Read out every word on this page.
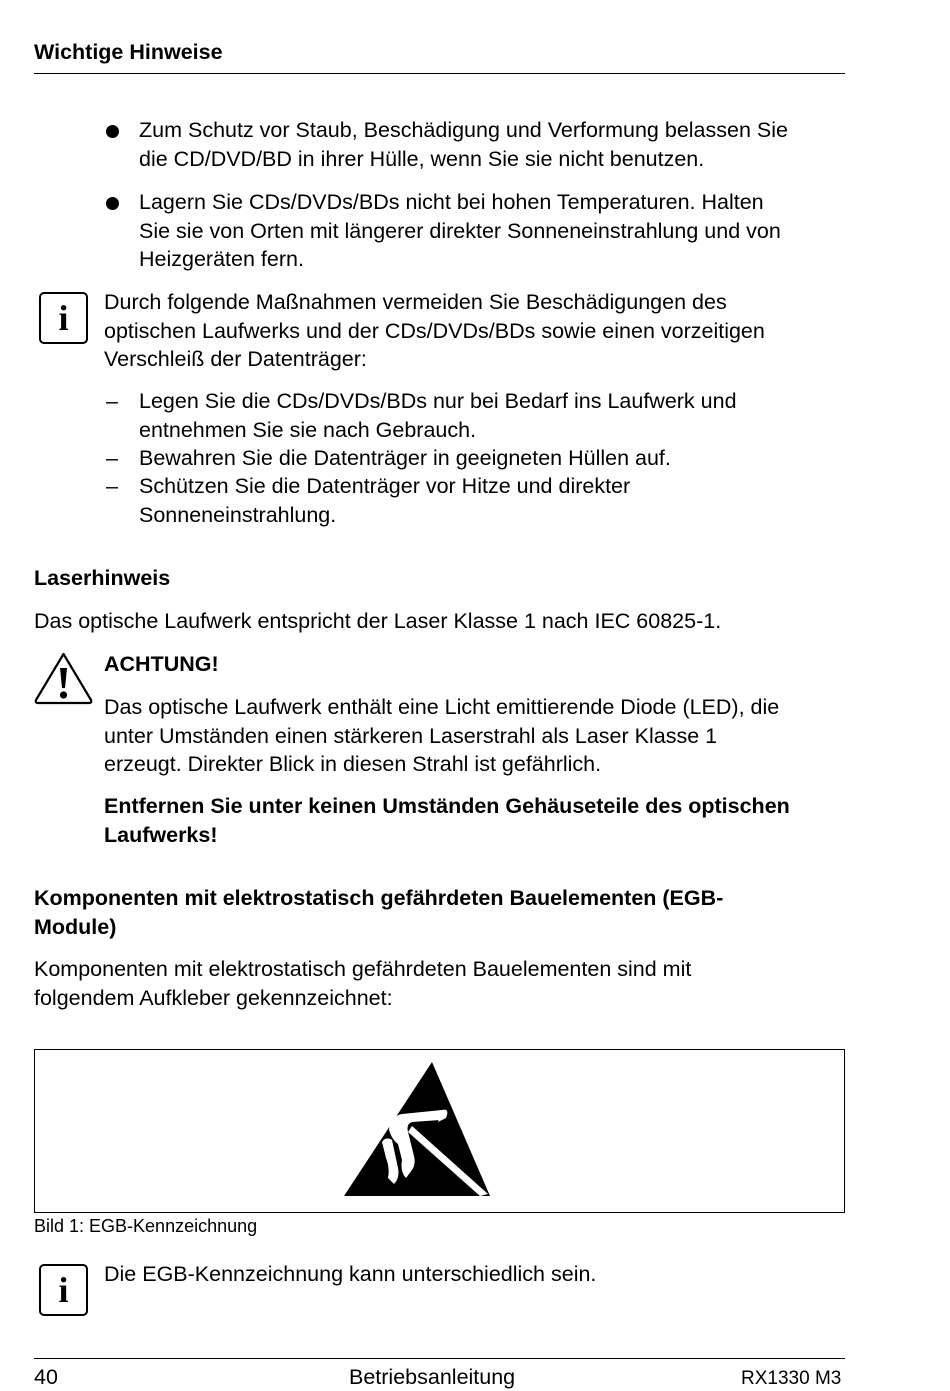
Wichtige Hinweise
Zum Schutz vor Staub, Beschädigung und Verformung belassen Sie
die CD/DVD/BD in ihrer Hülle, wenn Sie sie nicht benutzen.
Lagern Sie CDs/DVDs/BDs nicht bei hohen Temperaturen. Halten
Sie sie von Orten mit längerer direkter Sonneneinstrahlung und von
Heizgeräten fern.
i Durch folgende Maßnahmen vermeiden Sie Beschädigungen des
optischen Laufwerks und der CDs/DVDs/BDs sowie einen vorzeitigen
Verschleiß der Datenträger:
– Legen Sie die CDs/DVDs/BDs nur bei Bedarf ins Laufwerk und
entnehmen Sie sie nach Gebrauch.
– Bewahren Sie die Datenträger in geeigneten Hüllen auf.
– Schützen Sie die Datenträger vor Hitze und direkter
Sonneneinstrahlung.
Laserhinweis
Das optische Laufwerk entspricht der Laser Klasse 1 nach IEC 60825-1.
ACHTUNG!
Das optische Laufwerk enthält eine Licht emittierende Diode (LED), die
unter Umständen einen stärkeren Laserstrahl als Laser Klasse 1
erzeugt. Direkter Blick in diesen Strahl ist gefährlich.
Entfernen Sie unter keinen Umständen Gehäuseteile des optischen
Laufwerks!
Komponenten mit elektrostatisch gefährdeten Bauelementen (EGB-
Module)
Komponenten mit elektrostatisch gefährdeten Bauelementen sind mit
folgendem Aufkleber gekennzeichnet:
Bild 1: EGB-Kennzeichnung
i Die EGB-Kennzeichnung kann unterschiedlich sein.
40	Betriebsanleitung	RX1330 M3
